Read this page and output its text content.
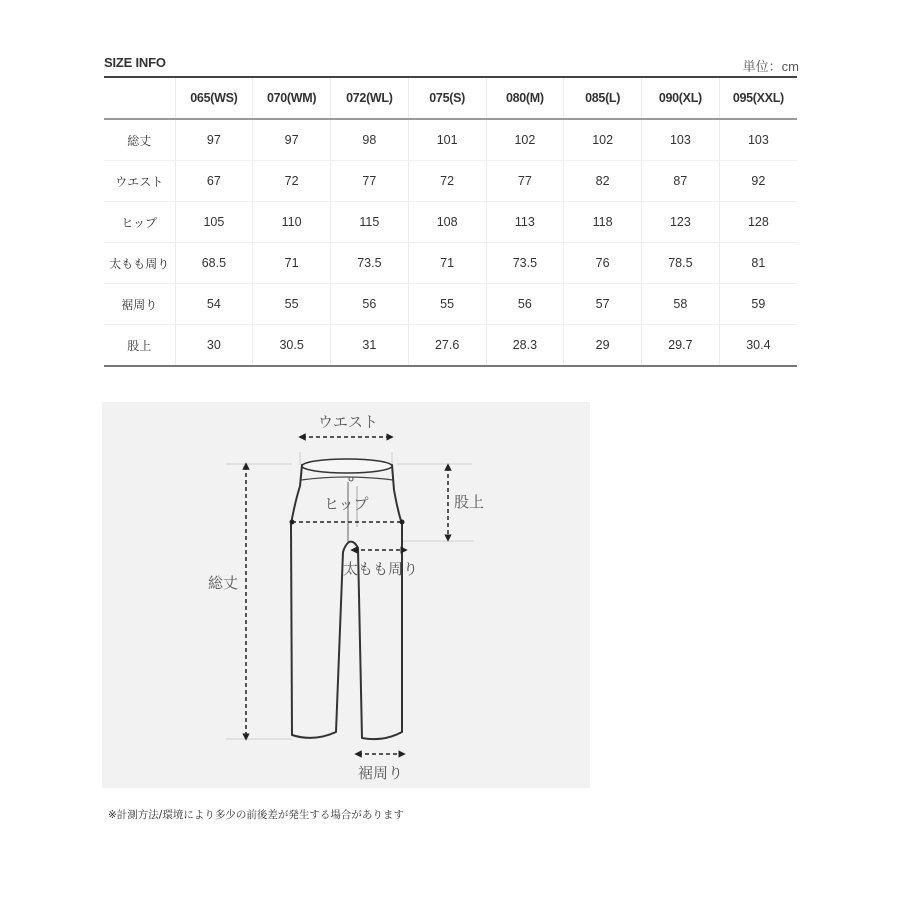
SIZE INFO	単位：cm
	065(WS)	070(WM)	072(WL)	075(S)	080(M)	085(L)	090(XL)	095(XXL)
総丈	97	97	98	101	102	102	103	103
ウエスト	67	72	77	72	77	82	87	92
ヒップ	105	110	115	108	113	118	123	128
太もも周り	68.5	71	73.5	71	73.5	76	78.5	81
裾周り	54	55	56	55	56	57	58	59
股上	30	30.5	31	27.6	28.3	29	29.7	30.4
ウエスト
ヒップ	股上
太もも周り
総丈
裾周り
※計測方法/環境により多少の前後差が発生する場合があります
